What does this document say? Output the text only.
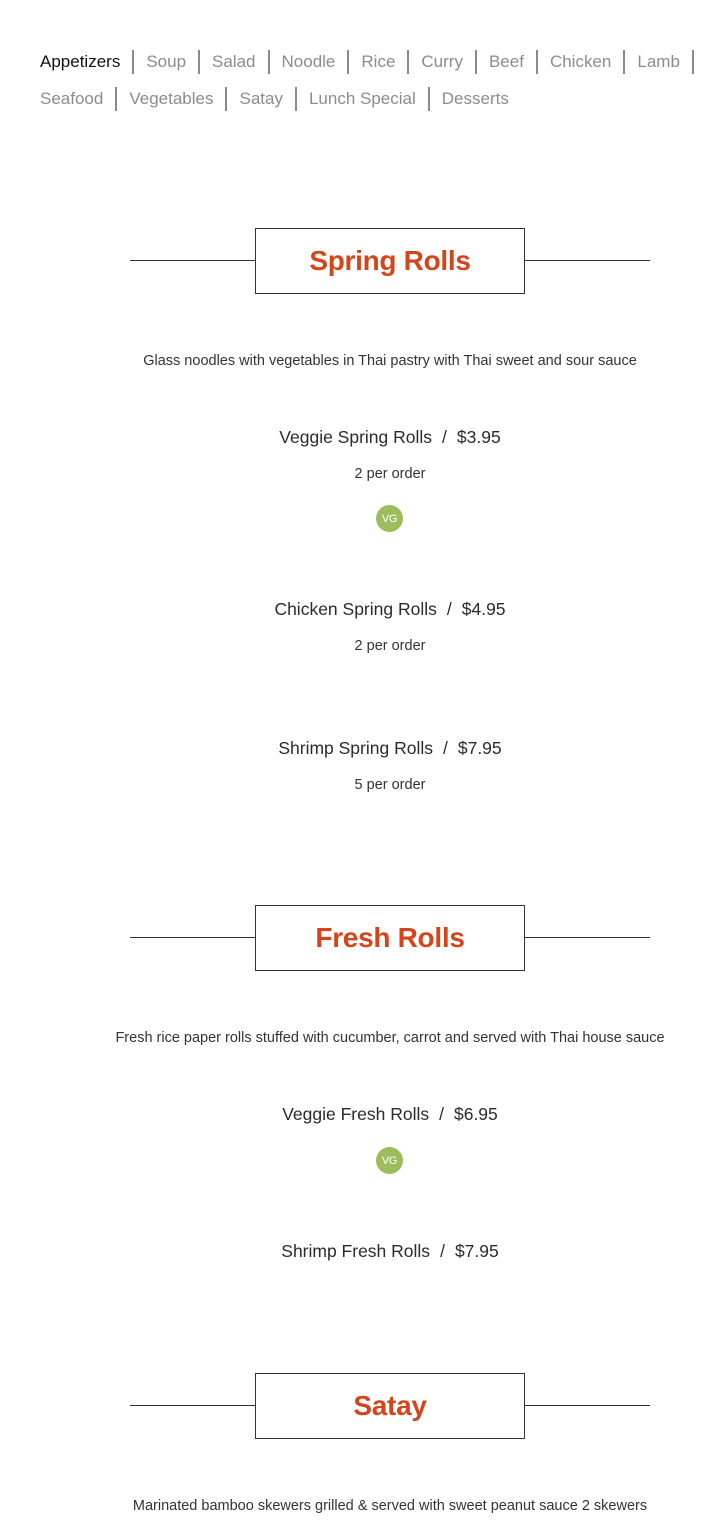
Appetizers	Soup	Salad	Noodle	Rice	Curry	Beef	Chicken	Lamb
Seafood	Vegetables	Satay	Lunch Special	Desserts
Spring Rolls
Glass noodles with vegetables in Thai pastry with Thai sweet and sour sauce
Veggie Spring Rolls / $3.95
2 per order
VG
Chicken Spring Rolls / $4.95
2 per order
Shrimp Spring Rolls / $7.95
5 per order
Fresh Rolls
Fresh rice paper rolls stuffed with cucumber, carrot and served with Thai house sauce
Veggie Fresh Rolls / $6.95
VG
Shrimp Fresh Rolls / $7.95
Satay
Marinated bamboo skewers grilled & served with sweet peanut sauce 2 skewers
